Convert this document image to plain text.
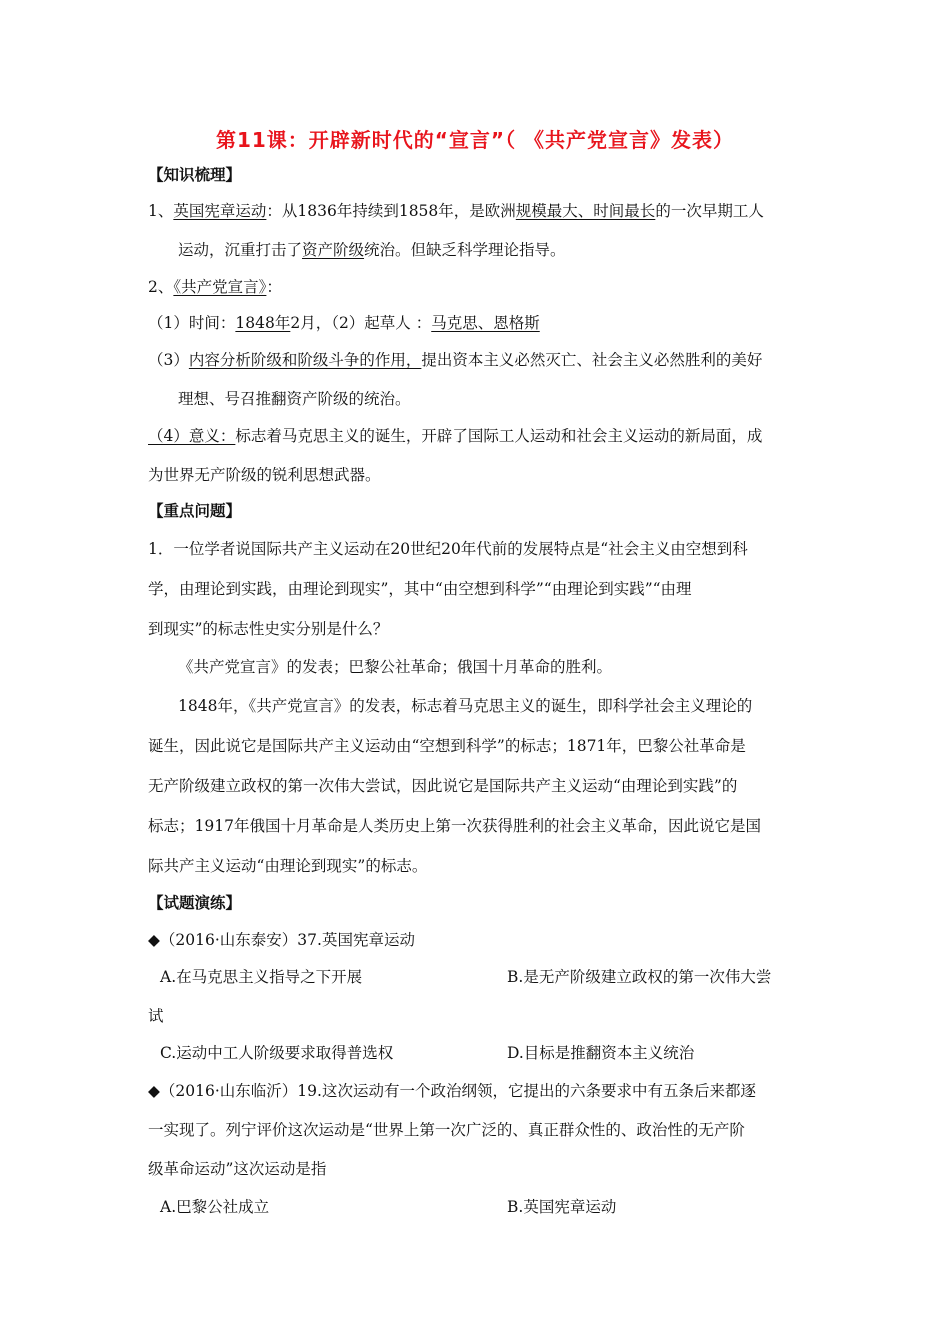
第11课：开辟新时代的“宣言”（ 《共产党宣言》发表）
【知识梳理】
1、英国宪章运动：从1836年持续到1858年，是欧洲规模最大、时间最长的一次早期工人
运动，沉重打击了资产阶级统治。但缺乏科学理论指导。
2、《共产党宣言》：
（1）时间：1848年2月，（2）起草人 ：马克思、恩格斯
（3）内容分析阶级和阶级斗争的作用，提出资本主义必然灭亡、社会主义必然胜利的美好
理想、号召推翻资产阶级的统治。
（4）意义：标志着马克思主义的诞生，开辟了国际工人运动和社会主义运动的新局面，成
为世界无产阶级的锐利思想武器。
【重点问题】
1．一位学者说国际共产主义运动在20世纪20年代前的发展特点是“社会主义由空想到科
学，由理论到实践，由理论到现实”，其中“由空想到科学”“由理论到实践”“由理
到现实”的标志性史实分别是什么？
《共产党宣言》的发表；巴黎公社革命；俄国十月革命的胜利。
1848年，《共产党宣言》的发表，标志着马克思主义的诞生，即科学社会主义理论的
诞生，因此说它是国际共产主义运动由“空想到科学”的标志；1871年，巴黎公社革命是
无产阶级建立政权的第一次伟大尝试，因此说它是国际共产主义运动“由理论到实践”的
标志；1917年俄国十月革命是人类历史上第一次获得胜利的社会主义革命，因此说它是国
际共产主义运动“由理论到现实”的标志。
【试题演练】
◆（2016·山东泰安）37.英国宪章运动
A.在马克思主义指导之下开展	B.是无产阶级建立政权的第一次伟大尝
试
C.运动中工人阶级要求取得普选权	D.目标是推翻资本主义统治
◆（2016·山东临沂）19.这次运动有一个政治纲领，它提出的六条要求中有五条后来都逐
一实现了。列宁评价这次运动是“世界上第一次广泛的、真正群众性的、政治性的无产阶
级革命运动”这次运动是指
A.巴黎公社成立	B.英国宪章运动
